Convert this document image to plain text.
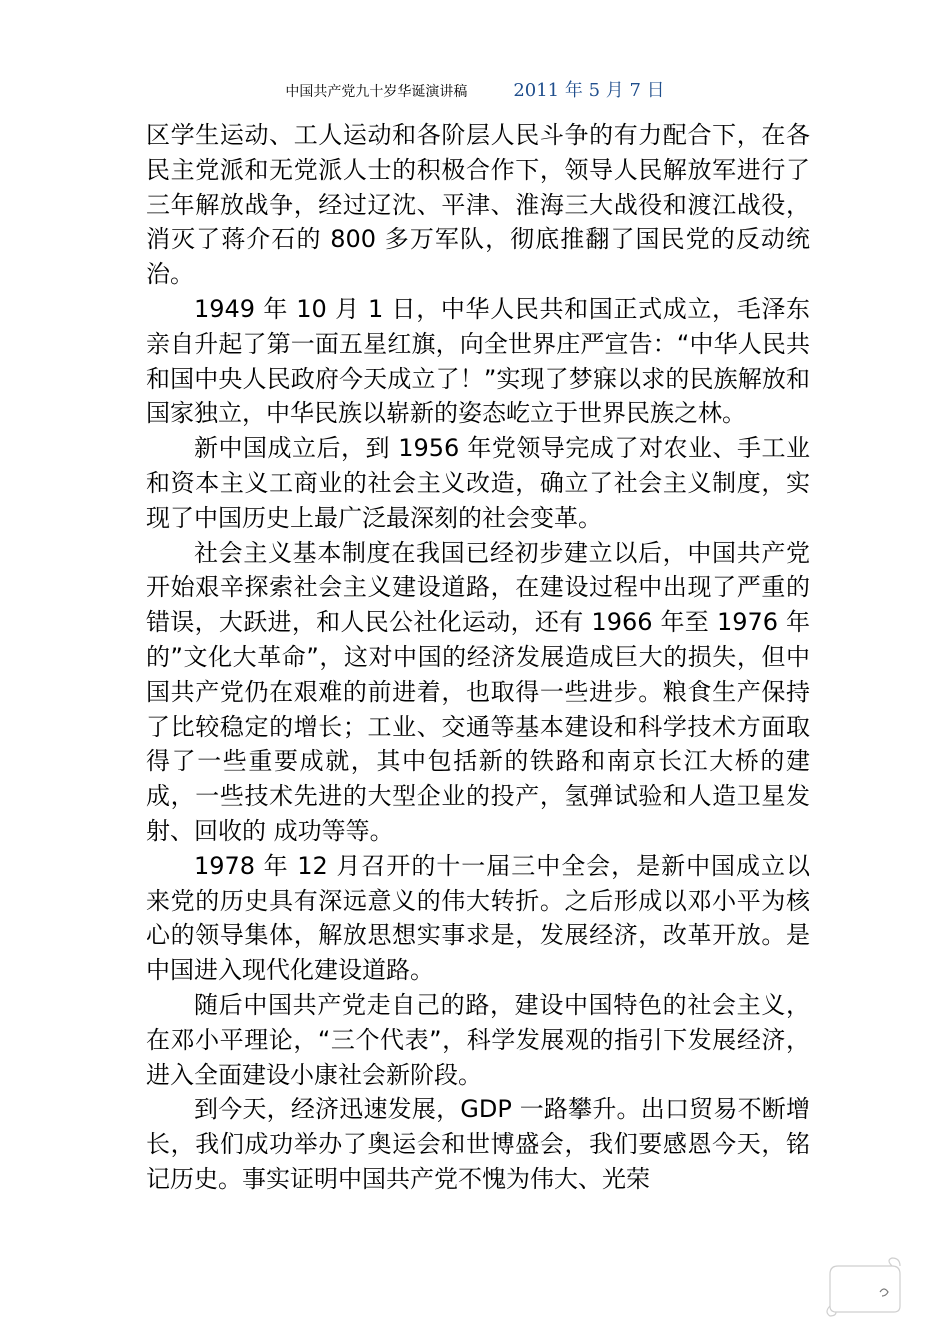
中国共产党九十岁华诞演讲稿	2011 年 5 月 7 日

区学生运动、工人运动和各阶层人民斗争的有力配合下，在各民主党派和无党派人士的积极合作下，领导人民解放军进行了三年解放战争，经过辽沈、平津、淮海三大战役和渡江战役，消灭了蒋介石的 800 多万军队，彻底推翻了国民党的反动统治。

1949 年 10 月 1 日，中华人民共和国正式成立，毛泽东亲自升起了第一面五星红旗，向全世界庄严宣告：“中华人民共和国中央人民政府今天成立了！”实现了梦寐以求的民族解放和国家独立，中华民族以崭新的姿态屹立于世界民族之林。

新中国成立后，到 1956 年党领导完成了对农业、手工业和资本主义工商业的社会主义改造，确立了社会主义制度，实现了中国历史上最广泛最深刻的社会变革。

社会主义基本制度在我国已经初步建立以后，中国共产党开始艰辛探索社会主义建设道路，在建设过程中出现了严重的错误，大跃进，和人民公社化运动，还有 1966 年至 1976 年的”文化大革命”，这对中国的经济发展造成巨大的损失，但中国共产党仍在艰难的前进着，也取得一些进步。粮食生产保持了比较稳定的增长；工业、交通等基本建设和科学技术方面取得了一些重要成就，其中包括新的铁路和南京长江大桥的建成，一些技术先进的大型企业的投产，氢弹试验和人造卫星发射、回收的 成功等等。

1978 年 12 月召开的十一届三中全会，是新中国成立以来党的历史具有深远意义的伟大转折。之后形成以邓小平为核心的领导集体，解放思想实事求是，发展经济，改革开放。是中国进入现代化建设道路。

随后中国共产党走自己的路，建设中国特色的社会主义，在邓小平理论，“三个代表”，科学发展观的指引下发展经济，进入全面建设小康社会新阶段。

到今天，经济迅速发展，GDP 一路攀升。出口贸易不断增长，我们成功举办了奥运会和世博盛会，我们要感恩今天，铭记历史。事实证明中国共产党不愧为伟大、光荣
